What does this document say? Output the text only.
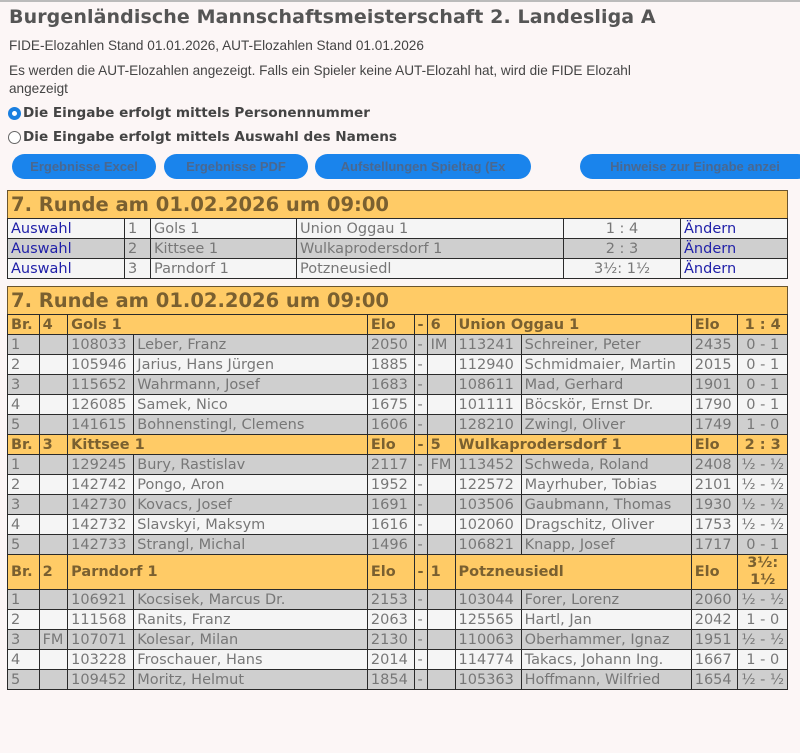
Burgenländische Mannschaftsmeisterschaft 2. Landesliga A
FIDE-Elozahlen Stand 01.01.2026, AUT-Elozahlen Stand 01.01.2026
Es werden die AUT-Elozahlen angezeigt. Falls ein Spieler keine AUT-Elozahl hat, wird die FIDE Elozahl
angezeigt
Die Eingabe erfolgt mittels Personennummer
Die Eingabe erfolgt mittels Auswahl des Namens
Ergebnisse Excel	Ergebnisse PDF	Aufstellungen Spieltag (Ex	Hinweise zur Eingabe anzei
7. Runde am 01.02.2026 um 09:00					
Auswahl	1	Gols 1	Union Oggau 1	1 : 4	Ändern
Auswahl	2	Kittsee 1	Wulkaprodersdorf 1	2 : 3	Ändern
Auswahl	3	Parndorf 1	Potzneusiedl	3½: 1½	Ändern
7. Runde am 01.02.2026 um 09:00										
Br.	4	Gols 1		Elo	-	6	Union Oggau 1		Elo	1 : 4
1		108033	Leber, Franz	2050	-	IM	113241	Schreiner, Peter	2435	0 - 1
2		105946	Jarius, Hans Jürgen	1885	-		112940	Schmidmaier, Martin	2015	0 - 1
3		115652	Wahrmann, Josef	1683	-		108611	Mad, Gerhard	1901	0 - 1
4		126085	Samek, Nico	1675	-		101111	Böcskör, Ernst Dr.	1790	0 - 1
5		141615	Bohnenstingl, Clemens	1606	-		128210	Zwingl, Oliver	1749	1 - 0
Br.	3	Kittsee 1		Elo	-	5	Wulkaprodersdorf 1		Elo	2 : 3
1		129245	Bury, Rastislav	2117	-	FM	113452	Schweda, Roland	2408	½ - ½
2		142742	Pongo, Aron	1952	-		122572	Mayrhuber, Tobias	2101	½ - ½
3		142730	Kovacs, Josef	1691	-		103506	Gaubmann, Thomas	1930	½ - ½
4		142732	Slavskyi, Maksym	1616	-		102060	Dragschitz, Oliver	1753	½ - ½
5		142733	Strangl, Michal	1496	-		106821	Knapp, Josef	1717	0 - 1
Br.	2	Parndorf 1		Elo	-	1	Potzneusiedl		Elo	3½: 1½
1		106921	Kocsisek, Marcus Dr.	2153	-		103044	Forer, Lorenz	2060	½ - ½
2		111568	Ranits, Franz	2063	-		125565	Hartl, Jan	2042	1 - 0
3	FM	107071	Kolesar, Milan	2130	-		110063	Oberhammer, Ignaz	1951	½ - ½
4		103228	Froschauer, Hans	2014	-		114774	Takacs, Johann Ing.	1667	1 - 0
5		109452	Moritz, Helmut	1854	-		105363	Hoffmann, Wilfried	1654	½ - ½
